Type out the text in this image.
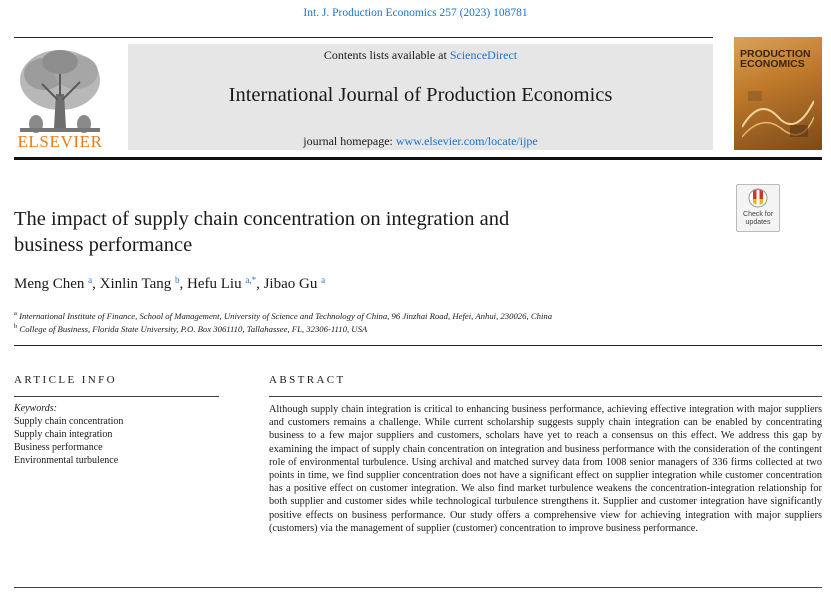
Int. J. Production Economics 257 (2023) 108781
ELSEVIER
Contents lists available at ScienceDirect
International Journal of Production Economics
journal homepage: www.elsevier.com/locate/ijpe
PRODUCTION ECONOMICS
The impact of supply chain concentration on integration and
business performance
Check for
updates
Meng Chen $^a$, Xinlin Tang $^b$, Hefu Liu $^{a,*}$, Jibao Gu $^a$
$^a$ International Institute of Finance, School of Management, University of Science and Technology of China, 96 Jinzhai Road, Hefei, Anhui, 230026, China
$^b$ College of Business, Florida State University, P.O. Box 3061110, Tallahassee, FL, 32306-1110, USA
ARTICLE INFO	ABSTRACT
Keywords:
Supply chain concentration
Supply chain integration
Business performance
Environmental turbulence
Although supply chain integration is critical to enhancing business performance, achieving effective integration with major suppliers and customers remains a challenge. While current scholarship suggests supply chain integration can be enabled by concentrating business to a few major suppliers and customers, scholars have yet to reach a consensus on this effect. We address this gap by examining the impact of supply chain concentration on integration and business performance with the consideration of the contingent role of environmental turbulence. Using archival and matched survey data from 1008 senior managers of 336 firms collected at two points in time, we find supplier concentration does not have a significant effect on supplier integration while customer concentration has a positive effect on customer integration. We also find market turbulence weakens the concentration-integration relationship for both supplier and customer sides while technological turbulence strengthens it. Supplier and customer integration have significantly positive effects on business performance. Our study offers a comprehensive view for achieving integration with major suppliers (customers) via the management of supplier (customer) concentration to improve business performance.
